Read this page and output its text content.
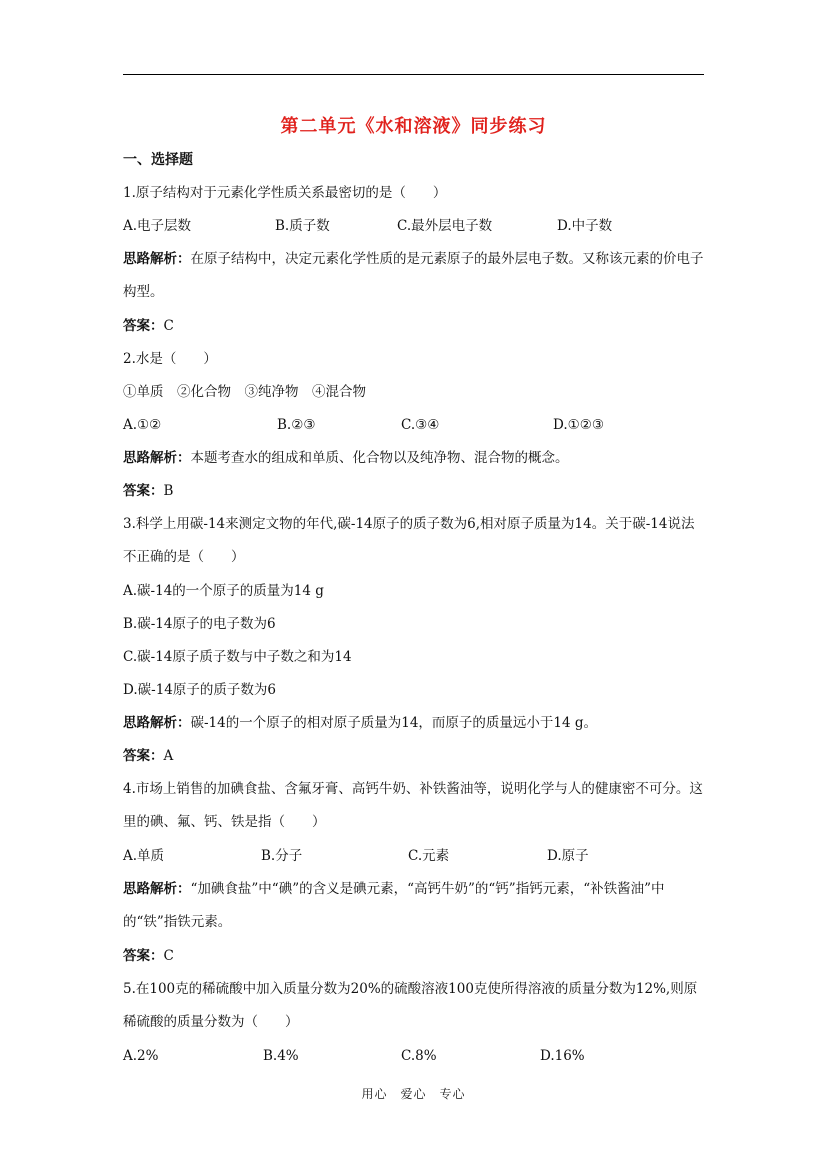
第二单元《水和溶液》同步练习
一、选择题
1.原子结构对于元素化学性质关系最密切的是（　　）
A.电子层数	B.质子数	C.最外层电子数	D.中子数
思路解析：在原子结构中，决定元素化学性质的是元素原子的最外层电子数。又称该元素的价电子构型。
答案：C
2.水是（　　）
①单质　②化合物　③纯净物　④混合物
A.①②	B.②③	C.③④	D.①②③
思路解析：本题考查水的组成和单质、化合物以及纯净物、混合物的概念。
答案：B
3.科学上用碳-14来测定文物的年代,碳-14原子的质子数为6,相对原子质量为14。关于碳-14说法不正确的是（　　）
A.碳-14的一个原子的质量为14 g
B.碳-14原子的电子数为6
C.碳-14原子质子数与中子数之和为14
D.碳-14原子的质子数为6
思路解析：碳-14的一个原子的相对原子质量为14，而原子的质量远小于14 g。
答案：A
4.市场上销售的加碘食盐、含氟牙膏、高钙牛奶、补铁酱油等，说明化学与人的健康密不可分。这里的碘、氟、钙、铁是指（　　）
A.单质	B.分子	C.元素	D.原子
思路解析：“加碘食盐”中“碘”的含义是碘元素，“高钙牛奶”的“钙”指钙元素，“补铁酱油”中的“铁”指铁元素。
答案：C
5.在100克的稀硫酸中加入质量分数为20%的硫酸溶液100克使所得溶液的质量分数为12%,则原稀硫酸的质量分数为（　　）
A.2%	B.4%	C.8%	D.16%
用心　爱心　专心
